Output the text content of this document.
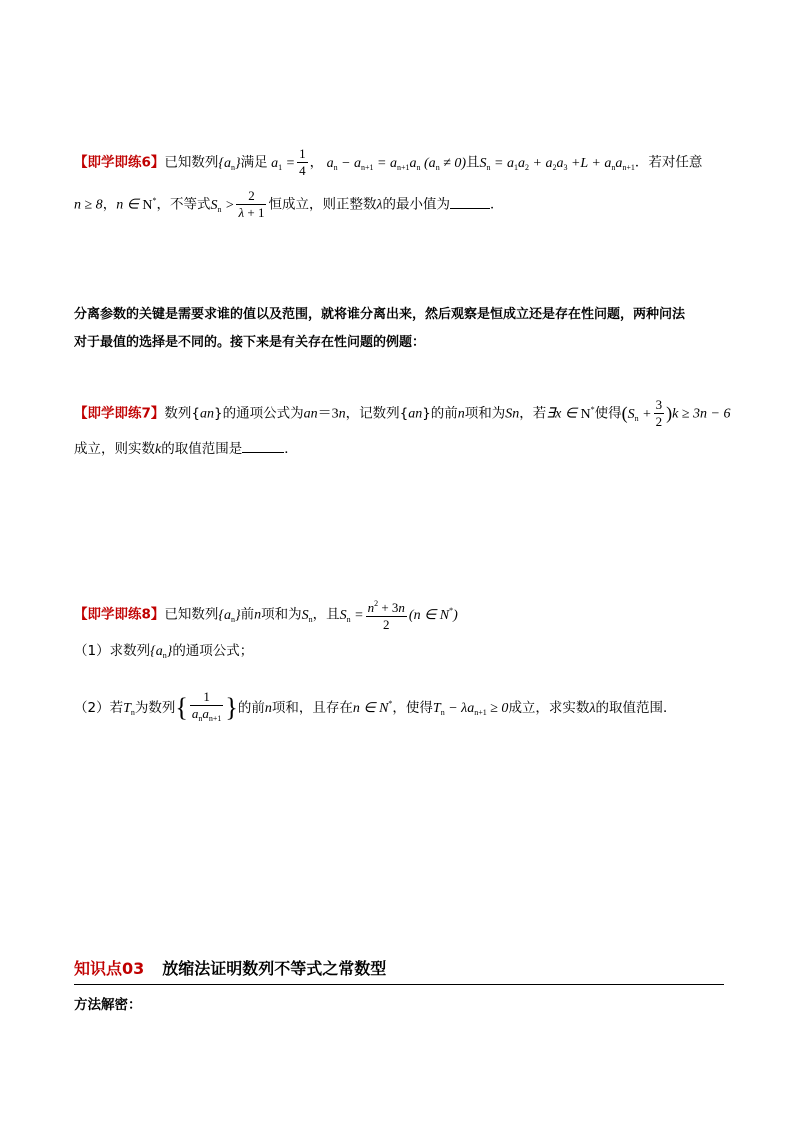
【即学即练6】已知数列$\{a_n\}$满足 $a_1 = \frac{1}{4}$ ， $a_n - a_{n+1} = a_{n+1}a_n$ $(a_n \ne 0)$且$S_n = a_1a_2 + a_2a_3 +L + a_na_{n+1}$．若对任意
n ≥ 8，n ∈ N*，不等式$S_n > \frac{2}{\lambda + 1}$ 恒成立，则正整数λ的最小值为	．
分离参数的关键是需要求谁的值以及范围，就将谁分离出来，然后观察是恒成立还是存在性问题，两种问法
对于最值的选择是不同的。接下来是有关存在性问题的例题：
【即学即练7】数列{an}的通项公式为an＝3n，记数列{an}的前n项和为Sn，若∃x ∈ N*使得$(S_n + \frac{3}{2} )k \ge 3n - 6$
成立，则实数k的取值范围是	．
【即学即练8】已知数列$\{a_n\}$前n项和为$S_n$，且$S_n = \frac{n^2 + 3n}{2} (n$ ∈ N*)
（1）求数列$\{a_n\}$的通项公式；
（2）若$T_n$为数列{ $\frac{1}{a_na_{n+1}}$ }的前n项和，且存在n ∈ N*，使得$T_n - \lambda a_{n+1} \ge 0$成立，求实数λ的取值范围．
知识点03 放缩法证明数列不等式之常数型
方法解密：
